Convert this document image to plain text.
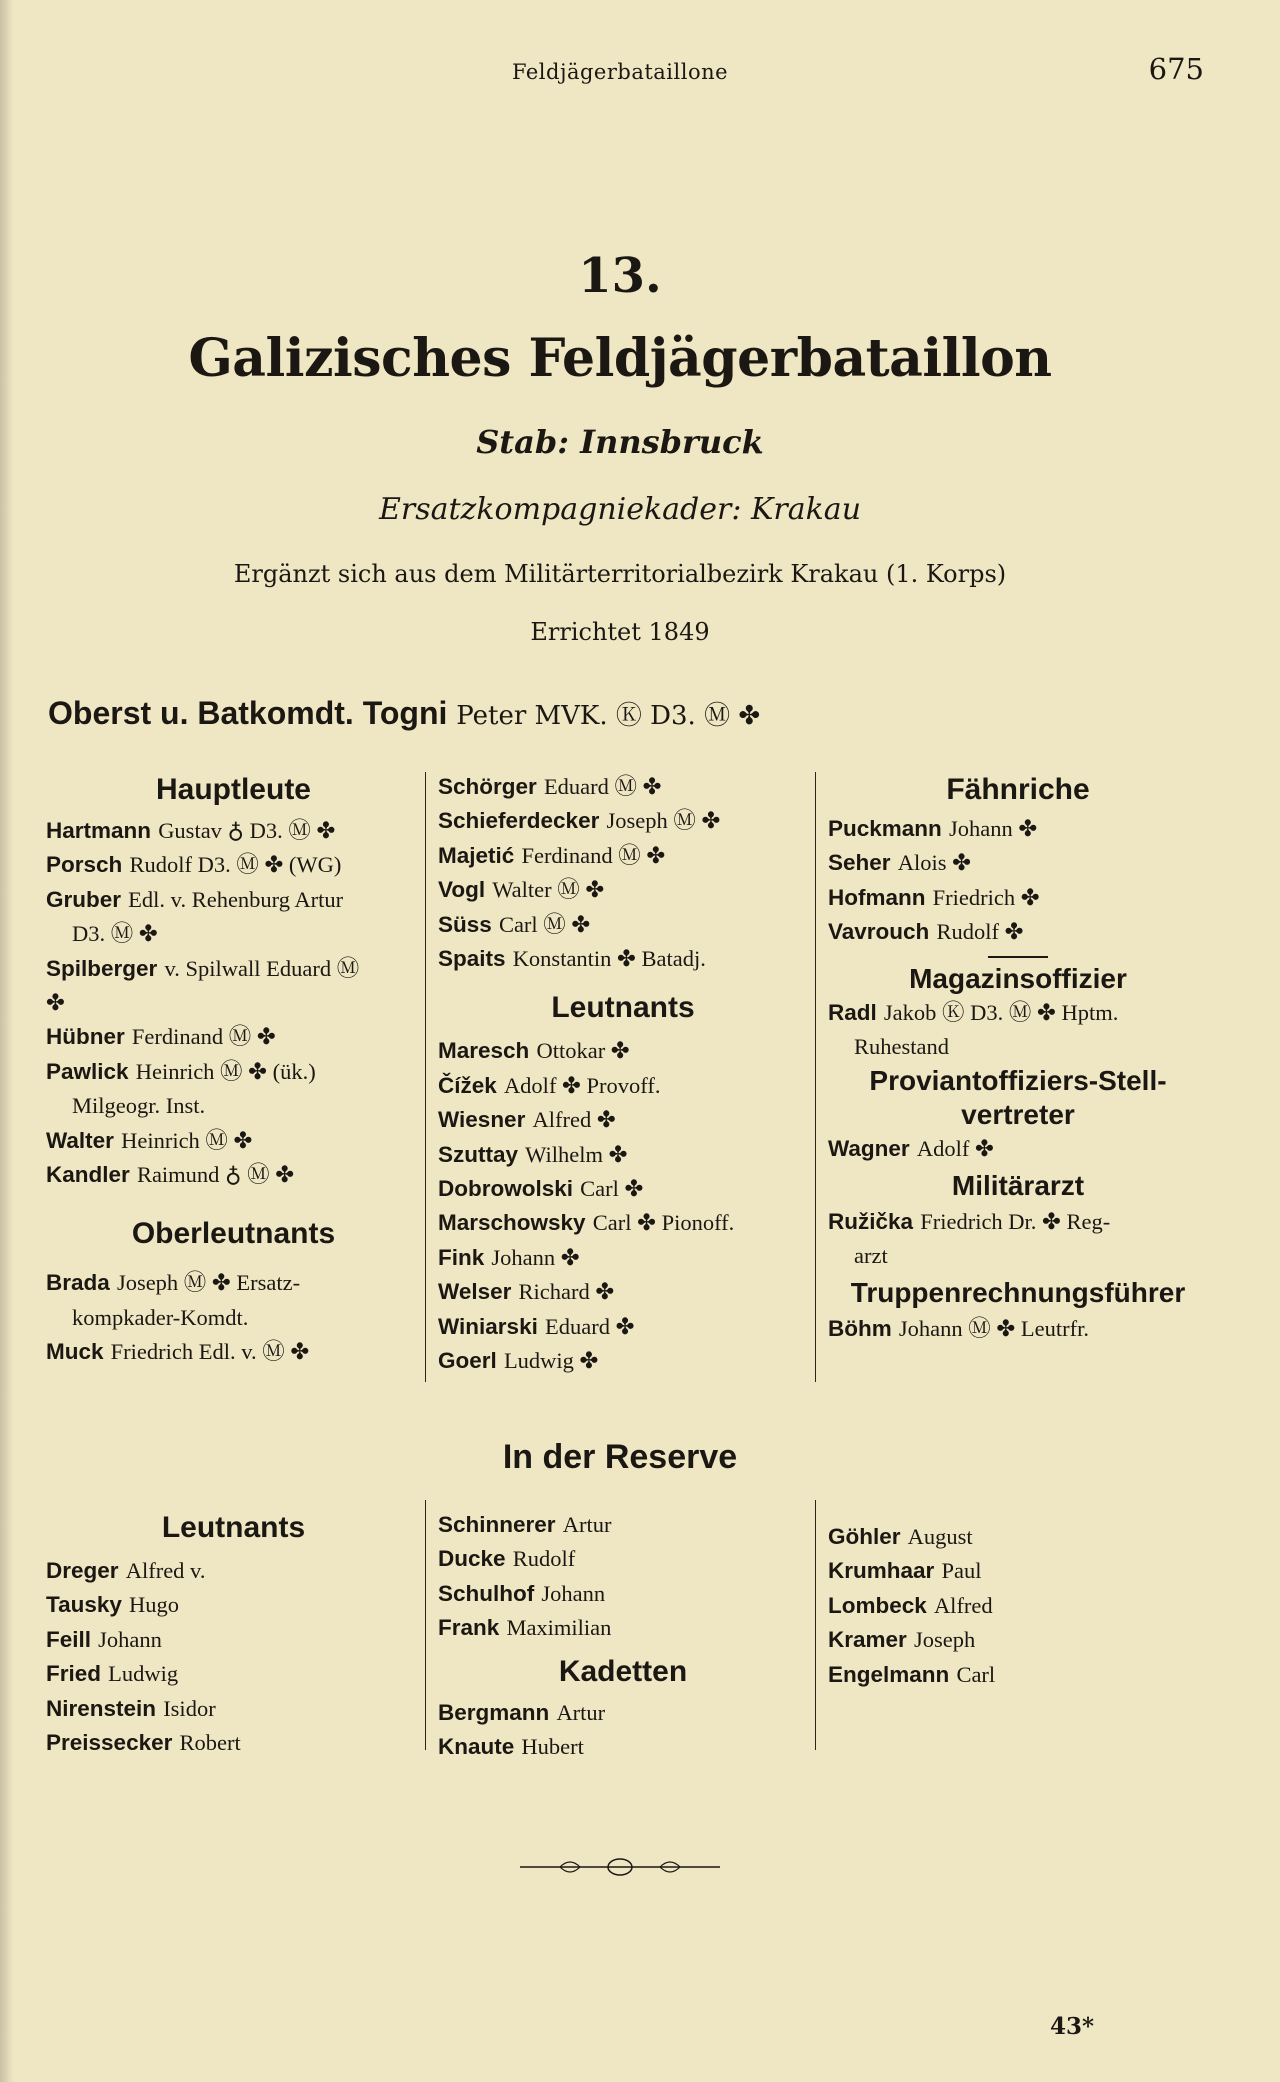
Feldjägerbataillone	675
13.
Galizisches Feldjägerbataillon
Stab: Innsbruck
Ersatzkompagniekader: Krakau
Ergänzt sich aus dem Militärterritorialbezirk Krakau (1. Korps)
Errichtet 1849
Oberst u. Batkomdt. Togni Peter MVK. Ⓚ D3. Ⓜ ✤
Hauptleute
Hartmann Gustav ♁ D3. Ⓜ ✤
Porsch Rudolf D3. Ⓜ ✤ (WG)
Gruber Edl. v. Rehenburg Artur
D3. Ⓜ ✤
Spilberger v. Spilwall Eduard Ⓜ
✤
Hübner Ferdinand Ⓜ ✤
Pawlick Heinrich Ⓜ ✤ (ük.)
Milgeogr. Inst.
Walter Heinrich Ⓜ ✤
Kandler Raimund ♁ Ⓜ ✤
Oberleutnants
Brada Joseph Ⓜ ✤ Ersatz-
kompkader-Komdt.
Muck Friedrich Edl. v. Ⓜ ✤
Schörger Eduard Ⓜ ✤
Schieferdecker Joseph Ⓜ ✤
Majetić Ferdinand Ⓜ ✤
Vogl Walter Ⓜ ✤
Süss Carl Ⓜ ✤
Spaits Konstantin ✤ Batadj.
Leutnants
Maresch Ottokar ✤
Čížek Adolf ✤ Provoff.
Wiesner Alfred ✤
Szuttay Wilhelm ✤
Dobrowolski Carl ✤
Marschowsky Carl ✤ Pionoff.
Fink Johann ✤
Welser Richard ✤
Winiarski Eduard ✤
Goerl Ludwig ✤
Fähnriche
Puckmann Johann ✤
Seher Alois ✤
Hofmann Friedrich ✤
Vavrouch Rudolf ✤
Magazinsoffizier
Radl Jakob Ⓚ D3. Ⓜ ✤ Hptm.
Ruhestand
Proviantoffiziers-Stell-
vertreter
Wagner Adolf ✤
Militärarzt
Ružička Friedrich Dr. ✤ Reg-
arzt
Truppenrechnungsführer
Böhm Johann Ⓜ ✤ Leutrfr.
In der Reserve
Leutnants
Dreger Alfred v.
Tausky Hugo
Feill Johann
Fried Ludwig
Nirenstein Isidor
Preissecker Robert
Schinnerer Artur
Ducke Rudolf
Schulhof Johann
Frank Maximilian
Kadetten
Bergmann Artur
Knaute Hubert
Göhler August
Krumhaar Paul
Lombeck Alfred
Kramer Joseph
Engelmann Carl
43*
